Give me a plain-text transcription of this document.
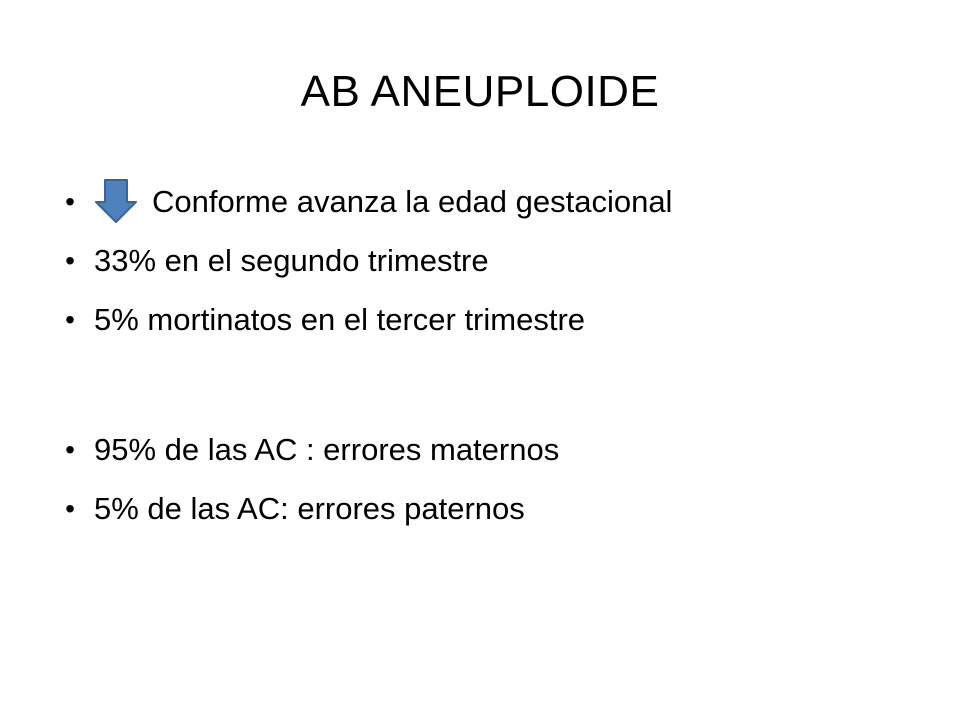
AB ANEUPLOIDE
• Conforme avanza la edad gestacional
• 33% en el segundo trimestre
• 5% mortinatos en el tercer trimestre
• 95% de las AC : errores maternos
• 5% de las AC: errores paternos
